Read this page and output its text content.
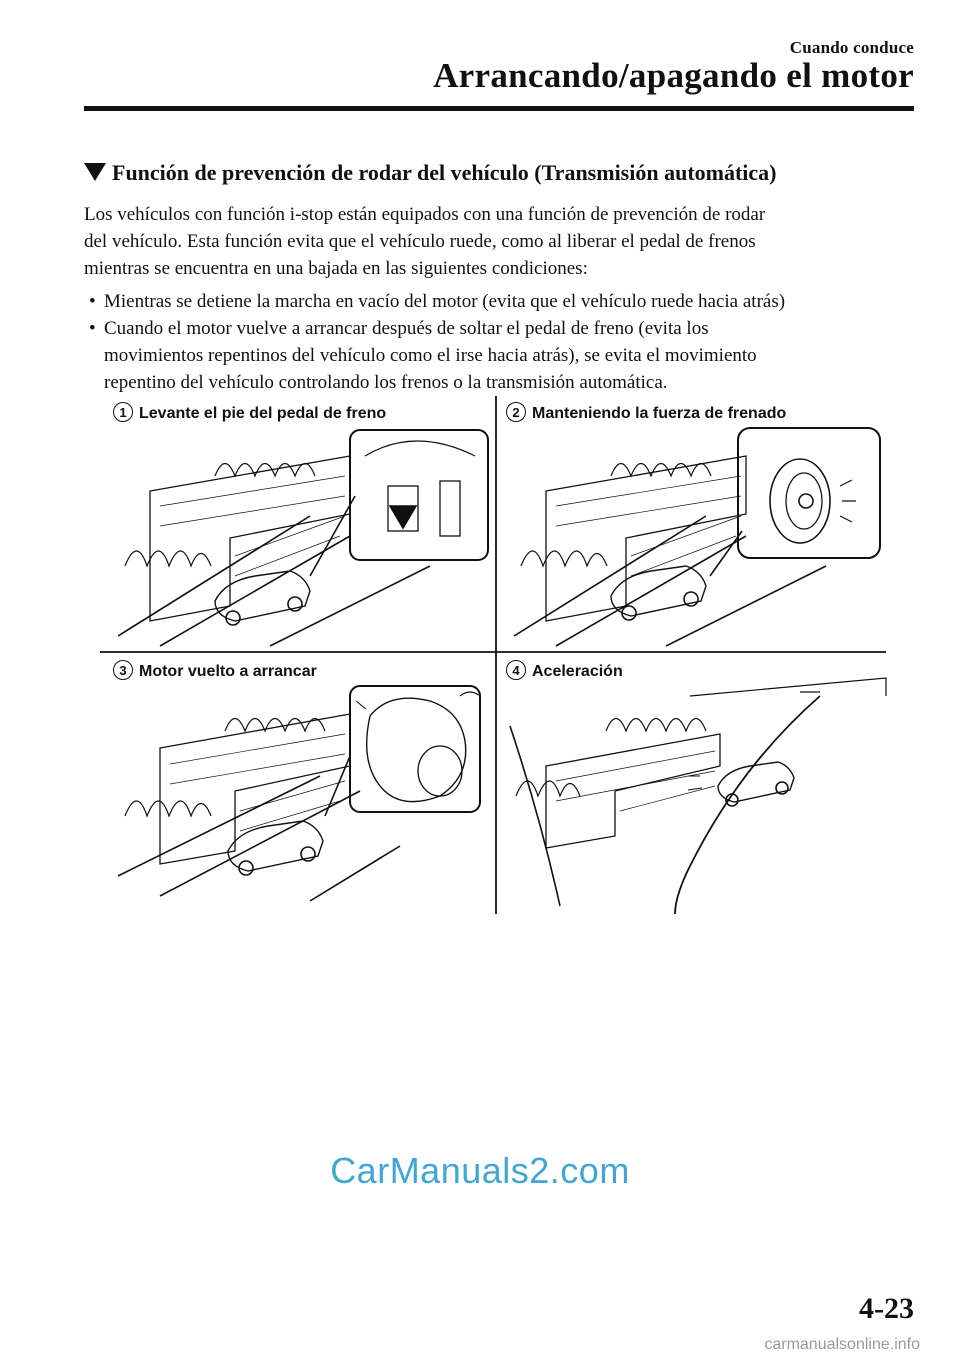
Cuando conduce
Arrancando/apagando el motor
Función de prevención de rodar del vehículo (Transmisión automática)
Los vehículos con función i-stop están equipados con una función de prevención de rodar
del vehículo. Esta función evita que el vehículo ruede, como al liberar el pedal de frenos
mientras se encuentra en una bajada en las siguientes condiciones:
• Mientras se detiene la marcha en vacío del motor (evita que el vehículo ruede hacia atrás)
• Cuando el motor vuelve a arrancar después de soltar el pedal de freno (evita los
movimientos repentinos del vehículo como el irse hacia atrás), se evita el movimiento
repentino del vehículo controlando los frenos o la transmisión automática.
1 Levante el pie del pedal de freno	2 Manteniendo la fuerza de frenado
3 Motor vuelto a arrancar	4 Aceleración
CarManuals2.com
4-23
carmanualsonline.info
